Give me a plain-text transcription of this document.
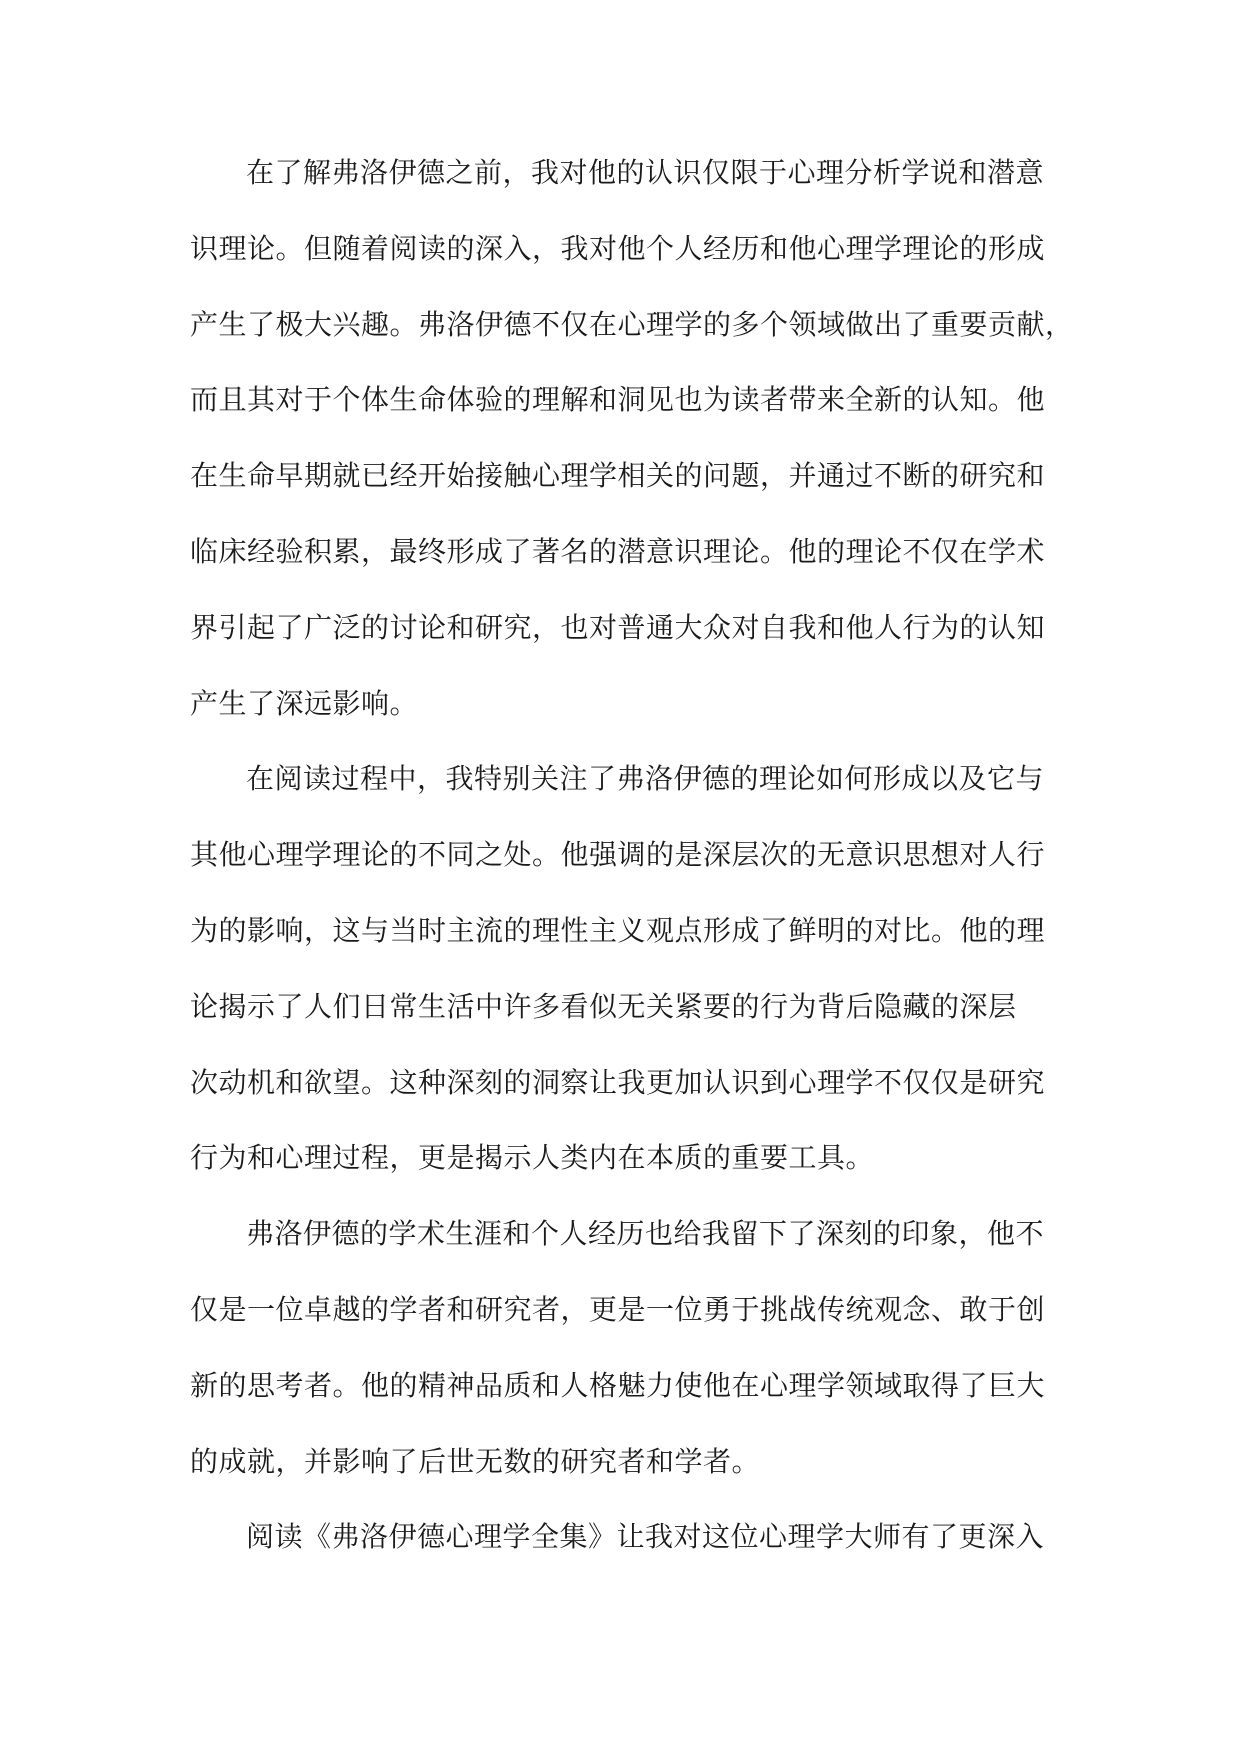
在了解弗洛伊德之前，我对他的认识仅限于心理分析学说和潜意
识理论。但随着阅读的深入，我对他个人经历和他心理学理论的形成
产生了极大兴趣。弗洛伊德不仅在心理学的多个领域做出了重要贡献，
而且其对于个体生命体验的理解和洞见也为读者带来全新的认知。他
在生命早期就已经开始接触心理学相关的问题，并通过不断的研究和
临床经验积累，最终形成了著名的潜意识理论。他的理论不仅在学术
界引起了广泛的讨论和研究，也对普通大众对自我和他人行为的认知
产生了深远影响。
在阅读过程中，我特别关注了弗洛伊德的理论如何形成以及它与
其他心理学理论的不同之处。他强调的是深层次的无意识思想对人行
为的影响，这与当时主流的理性主义观点形成了鲜明的对比。他的理
论揭示了人们日常生活中许多看似无关紧要的行为背后隐藏的深层
次动机和欲望。这种深刻的洞察让我更加认识到心理学不仅仅是研究
行为和心理过程，更是揭示人类内在本质的重要工具。
弗洛伊德的学术生涯和个人经历也给我留下了深刻的印象，他不
仅是一位卓越的学者和研究者，更是一位勇于挑战传统观念、敢于创
新的思考者。他的精神品质和人格魅力使他在心理学领域取得了巨大
的成就，并影响了后世无数的研究者和学者。
阅读《弗洛伊德心理学全集》让我对这位心理学大师有了更深入
